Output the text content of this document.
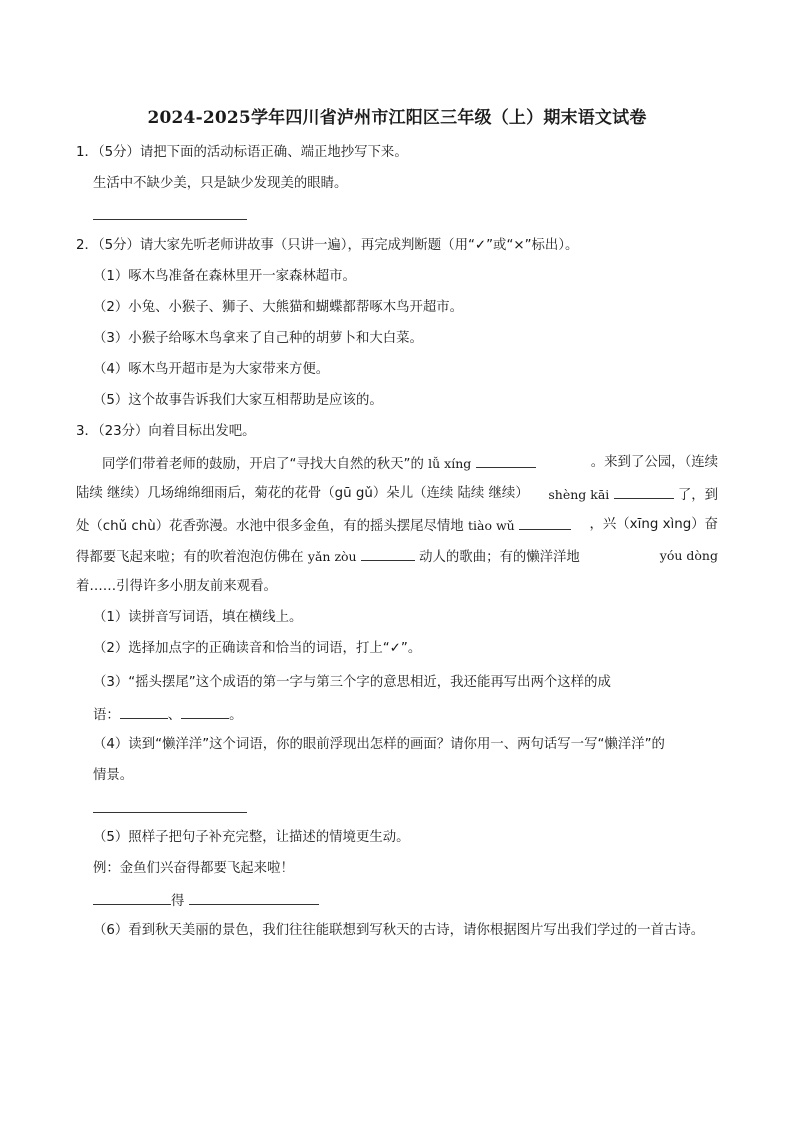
2024-2025学年四川省泸州市江阳区三年级（上）期末语文试卷
1．（5分）请把下面的活动标语正确、端正地抄写下来。
生活中不缺少美，只是缺少发现美的眼睛。
2．（5分）请大家先听老师讲故事（只讲一遍），再完成判断题（用“✓”或“×”标出）。
（1）啄木鸟准备在森林里开一家森林超市。
（2）小兔、小猴子、狮子、大熊猫和蝴蝶都帮啄木鸟开超市。
（3）小猴子给啄木鸟拿来了自己种的胡萝卜和大白菜。
（4）啄木鸟开超市是为大家带来方便。
（5）这个故事告诉我们大家互相帮助是应该的。
3．（23分）向着目标出发吧。
同学们带着老师的鼓励，开启了“寻找大自然的秋天”的 lǚ xíng	。来到了公园，（连续
陆续 继续）几场绵绵细雨后，菊花的花骨（gū gǔ）朵儿（连续 陆续 继续） shèng kāi	了，到
处（chǔ chù）花香弥漫。水池中很多金鱼，有的摇头摆尾尽情地 tiào wǔ	，兴（xīng xìng）奋
得都要飞起来啦；有的吹着泡泡仿佛在 yǎn zòu	动人的歌曲；有的懒洋洋地	yóu dòng
着……引得许多小朋友前来观看。
（1）读拼音写词语，填在横线上。
（2）选择加点字的正确读音和恰当的词语，打上“✓”。
（3）“摇头摆尾”这个成语的第一字与第三个字的意思相近，我还能再写出两个这样的成
语：	、	。
（4）读到“懒洋洋”这个词语，你的眼前浮现出怎样的画面？请你用一、两句话写一写“懒洋洋”的
情景。
（5）照样子把句子补充完整，让描述的情境更生动。
例：金鱼们兴奋得都要飞起来啦！
得
（6）看到秋天美丽的景色，我们往往能联想到写秋天的古诗，请你根据图片写出我们学过的一首古诗。
